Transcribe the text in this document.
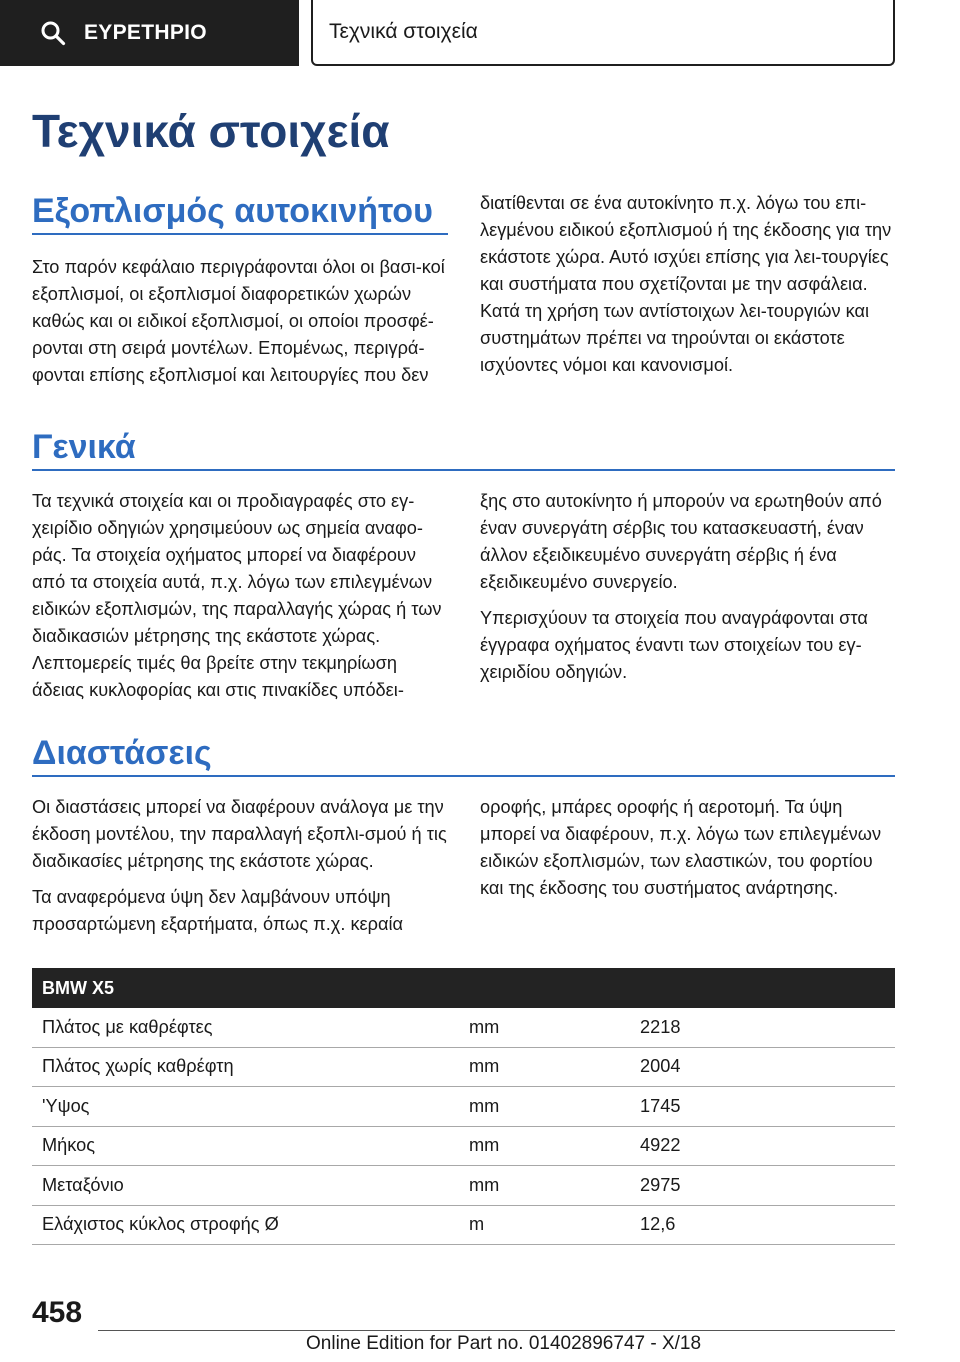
ΕΥΡΕΤΗΡΙΟ	Τεχνικά στοιχεία
Τεχνικά στοιχεία
Εξοπλισμός αυτοκινήτου

Στο παρόν κεφάλαιο περιγράφονται όλοι οι βασι-κοί εξοπλισμοί, οι εξοπλισμοί διαφορετικών χωρών καθώς και οι ειδικοί εξοπλισμοί, οι οποίοι προσφέ-ρονται στη σειρά μοντέλων. Επομένως, περιγρά-φονται επίσης εξοπλισμοί και λειτουργίες που δεν

διατίθενται σε ένα αυτοκίνητο π.χ. λόγω του επι-λεγμένου ειδικού εξοπλισμού ή της έκδοσης για την εκάστοτε χώρα. Αυτό ισχύει επίσης για λει-τουργίες και συστήματα που σχετίζονται με την ασφάλεια. Κατά τη χρήση των αντίστοιχων λει-τουργιών και συστημάτων πρέπει να τηρούνται οι εκάστοτε ισχύοντες νόμοι και κανονισμοί.

Γενικά

Τα τεχνικά στοιχεία και οι προδιαγραφές στο εγ-χειρίδιο οδηγιών χρησιμεύουν ως σημεία αναφο-ράς. Τα στοιχεία οχήματος μπορεί να διαφέρουν από τα στοιχεία αυτά, π.χ. λόγω των επιλεγμένων ειδικών εξοπλισμών, της παραλλαγής χώρας ή των διαδικασιών μέτρησης της εκάστοτε χώρας. Λεπτομερείς τιμές θα βρείτε στην τεκμηρίωση άδειας κυκλοφορίας και στις πινακίδες υπόδει-

ξης στο αυτοκίνητο ή μπορούν να ερωτηθούν από έναν συνεργάτη σέρβις του κατασκευαστή, έναν άλλον εξειδικευμένο συνεργάτη σέρβις ή ένα εξειδικευμένο συνεργείο.

Υπερισχύουν τα στοιχεία που αναγράφονται στα έγγραφα οχήματος έναντι των στοιχείων του εγ-χειριδίου οδηγιών.

Διαστάσεις

Οι διαστάσεις μπορεί να διαφέρουν ανάλογα με την έκδοση μοντέλου, την παραλλαγή εξοπλι-σμού ή τις διαδικασίες μέτρησης της εκάστοτε χώρας.

Τα αναφερόμενα ύψη δεν λαμβάνουν υπόψη προσαρτώμενη εξαρτήματα, όπως π.χ. κεραία

οροφής, μπάρες οροφής ή αεροτομή. Τα ύψη μπορεί να διαφέρουν, π.χ. λόγω των επιλεγμένων ειδικών εξοπλισμών, των ελαστικών, του φορτίου και της έκδοσης του συστήματος ανάρτησης.

BMW X5
Πλάτος με καθρέφτες	mm	2218
Πλάτος χωρίς καθρέφτη	mm	2004
'Υψος	mm	1745
Μήκος	mm	4922
Μεταξόνιο	mm	2975
Ελάχιστος κύκλος στροφής Ø	m	12,6
458
Online Edition for Part no. 01402896747 - X/18
